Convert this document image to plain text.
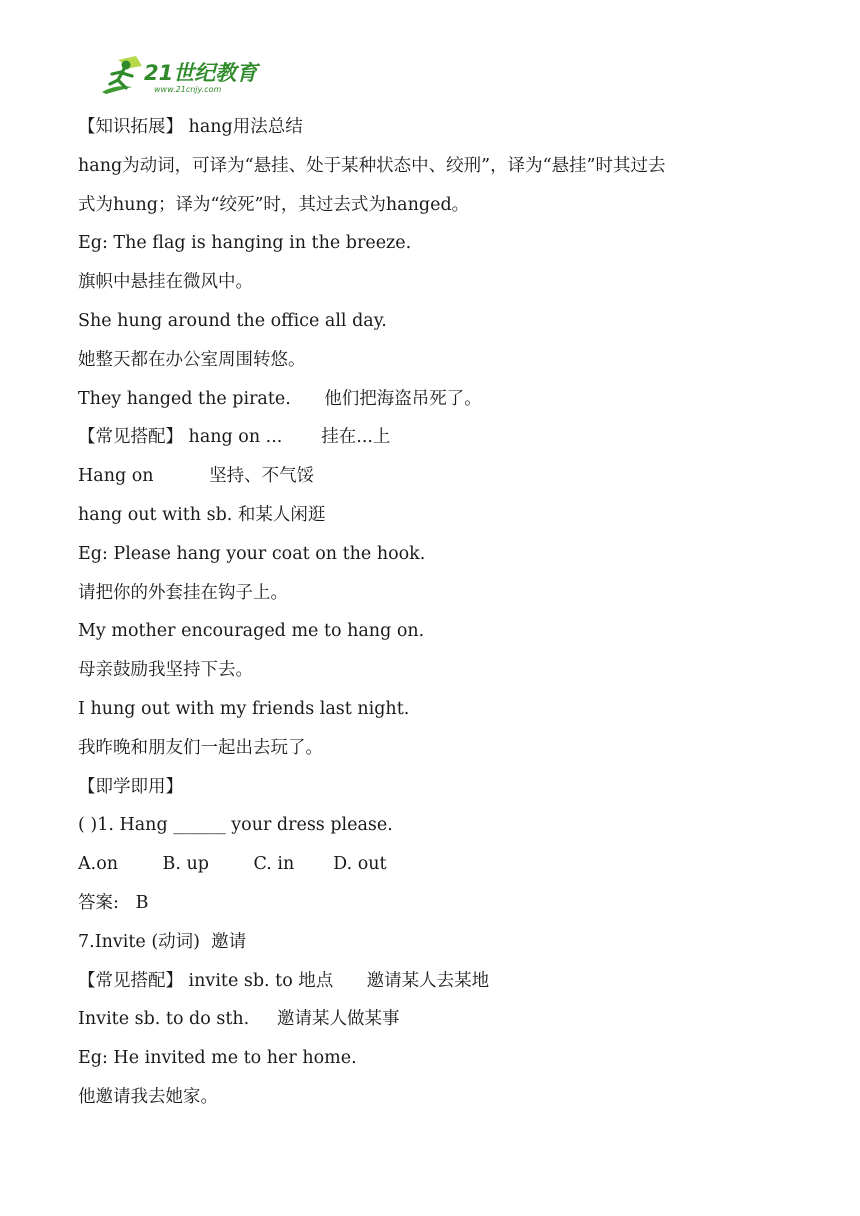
21世纪教育
www.21cnjy.com
【知识拓展】 hang用法总结
hang为动词，可译为“悬挂、处于某种状态中、绞刑”，译为“悬挂”时其过去
式为hung；译为“绞死”时，其过去式为hanged。
Eg: The flag is hanging in the breeze.
旗帜中悬挂在微风中。
She hung around the office all day.
她整天都在办公室周围转悠。
They hanged the pirate.      他们把海盗吊死了。
【常见搭配】 hang on ...       挂在...上
Hang on          坚持、不气馁
hang out with sb. 和某人闲逛
Eg: Please hang your coat on the hook.
请把你的外套挂在钩子上。
My mother encouraged me to hang on.
母亲鼓励我坚持下去。
I hung out with my friends last night.
我昨晚和朋友们一起出去玩了。
【即学即用】
( )1. Hang ______ your dress please.
A.on        B. up        C. in       D. out
答案:   B
7.Invite (动词)  邀请
【常见搭配】 invite sb. to 地点      邀请某人去某地
Invite sb. to do sth.     邀请某人做某事
Eg: He invited me to her home.
他邀请我去她家。
